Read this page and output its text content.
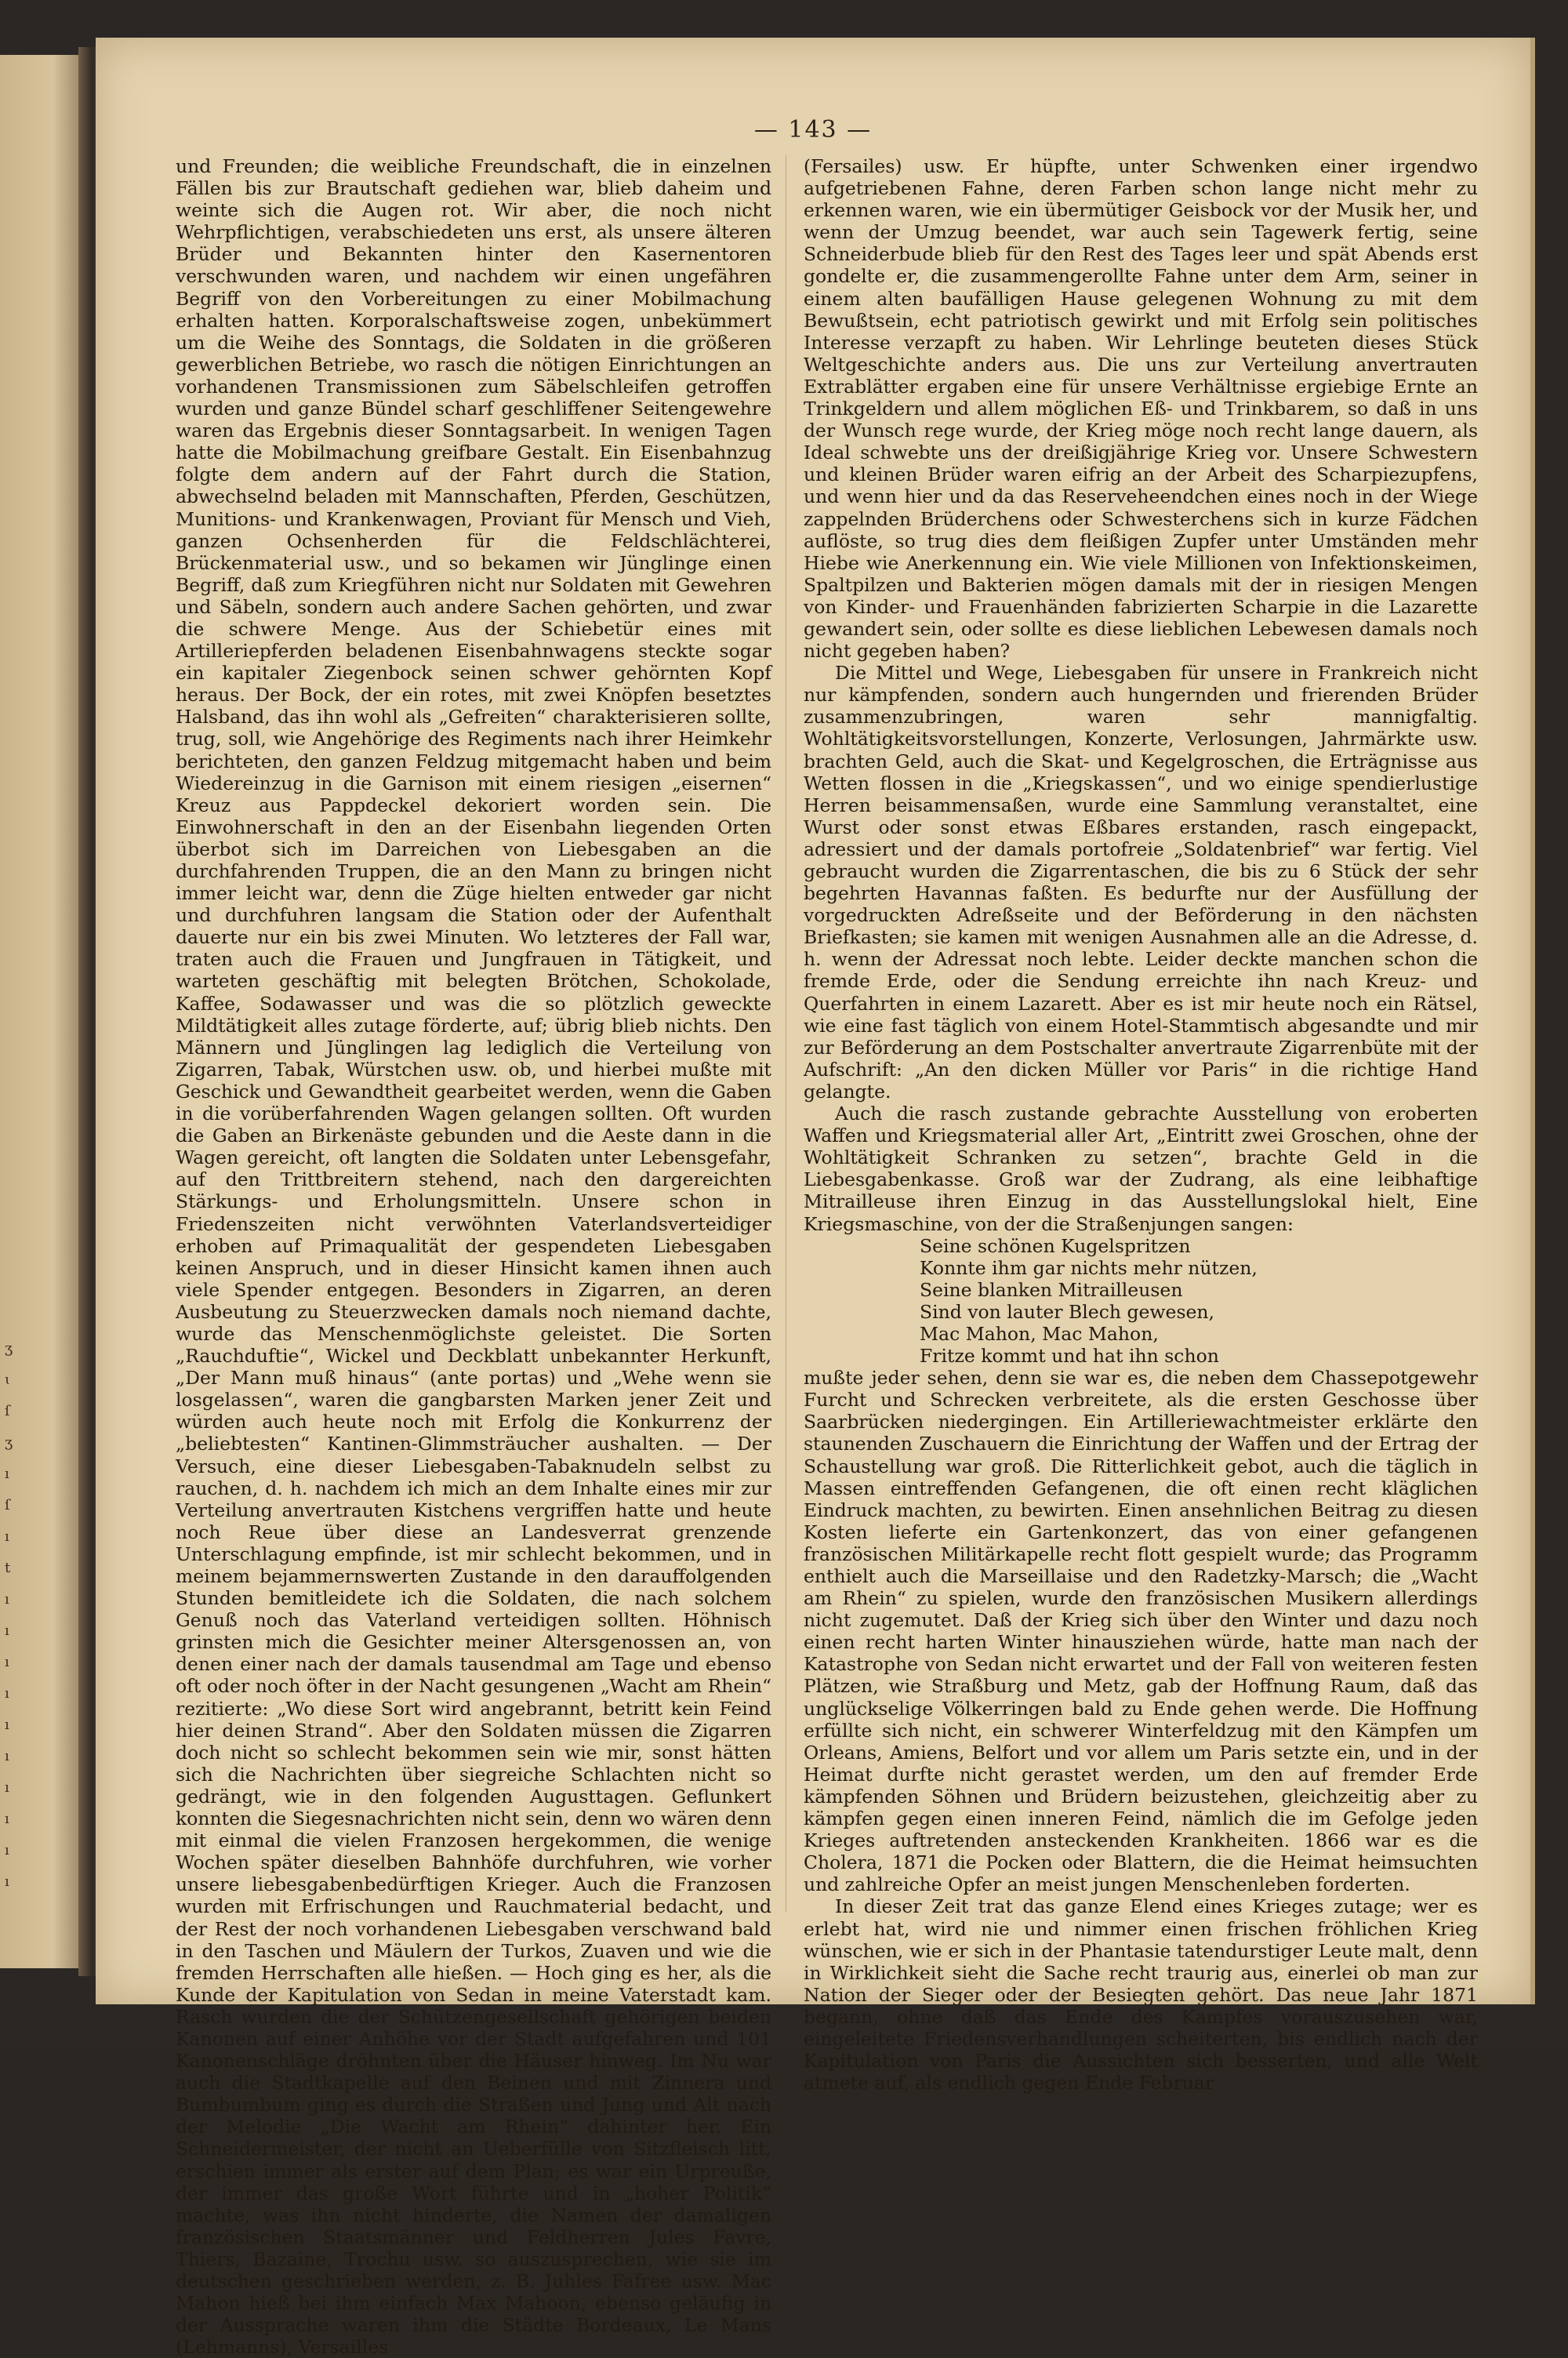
ʒ
ɩ
ſ
ʒ
ı
ſ
ı
t
ı
ı
ı
ı
ı
ı
ı
ı
ı
ı
— 143 —

und Freunden; die weibliche Freundschaft, die in einzelnen Fällen bis zur Brautschaft gediehen war, blieb daheim und weinte sich die Augen rot. Wir aber, die noch nicht Wehrpflichtigen, verabschiedeten uns erst, als unsere älteren Brüder und Bekannten hinter den Kasernentoren verschwunden waren, und nachdem wir einen ungefähren Begriff von den Vorbereitungen zu einer Mobilmachung erhalten hatten. Korporalschaftsweise zogen, unbekümmert um die Weihe des Sonntags, die Soldaten in die größeren gewerblichen Betriebe, wo rasch die nötigen Einrichtungen an vorhandenen Transmissionen zum Säbelschleifen getroffen wurden und ganze Bündel scharf geschliffener Seitengewehre waren das Ergebnis dieser Sonntagsarbeit. In wenigen Tagen hatte die Mobilmachung greifbare Gestalt. Ein Eisenbahnzug folgte dem andern auf der Fahrt durch die Station, abwechselnd beladen mit Mannschaften, Pferden, Geschützen, Munitions- und Krankenwagen, Proviant für Mensch und Vieh, ganzen Ochsenherden für die Feldschlächterei, Brückenmaterial usw., und so bekamen wir Jünglinge einen Begriff, daß zum Kriegführen nicht nur Soldaten mit Gewehren und Säbeln, sondern auch andere Sachen gehörten, und zwar die schwere Menge. Aus der Schiebetür eines mit Artilleriepferden beladenen Eisenbahnwagens steckte sogar ein kapitaler Ziegenbock seinen schwer gehörnten Kopf heraus. Der Bock, der ein rotes, mit zwei Knöpfen besetztes Halsband, das ihn wohl als „Gefreiten“ charakterisieren sollte, trug, soll, wie Angehörige des Regiments nach ihrer Heimkehr berichteten, den ganzen Feldzug mitgemacht haben und beim Wiedereinzug in die Garnison mit einem riesigen „eisernen“ Kreuz aus Pappdeckel dekoriert worden sein. Die Einwohnerschaft in den an der Eisenbahn liegenden Orten überbot sich im Darreichen von Liebesgaben an die durchfahrenden Truppen, die an den Mann zu bringen nicht immer leicht war, denn die Züge hielten entweder gar nicht und durchfuhren langsam die Station oder der Aufenthalt dauerte nur ein bis zwei Minuten. Wo letzteres der Fall war, traten auch die Frauen und Jungfrauen in Tätigkeit, und warteten geschäftig mit belegten Brötchen, Schokolade, Kaffee, Sodawasser und was die so plötzlich geweckte Mildtätigkeit alles zutage förderte, auf; übrig blieb nichts. Den Männern und Jünglingen lag lediglich die Verteilung von Zigarren, Tabak, Würstchen usw. ob, und hierbei mußte mit Geschick und Gewandtheit gearbeitet werden, wenn die Gaben in die vorüberfahrenden Wagen gelangen sollten. Oft wurden die Gaben an Birkenäste gebunden und die Aeste dann in die Wagen gereicht, oft langten die Soldaten unter Lebensgefahr, auf den Trittbreitern stehend, nach den dargereichten Stärkungs- und Erholungsmitteln. Unsere schon in Friedenszeiten nicht verwöhnten Vaterlandsverteidiger erhoben auf Primaqualität der gespendeten Liebesgaben keinen Anspruch, und in dieser Hinsicht kamen ihnen auch viele Spender entgegen. Besonders in Zigarren, an deren Ausbeutung zu Steuerzwecken damals noch niemand dachte, wurde das Menschenmöglichste geleistet. Die Sorten „Rauchduftie“, Wickel und Deckblatt unbekannter Herkunft, „Der Mann muß hinaus“ (ante portas) und „Wehe wenn sie losgelassen“, waren die gangbarsten Marken jener Zeit und würden auch heute noch mit Erfolg die Konkurrenz der „beliebtesten“ Kantinen-Glimmsträucher aushalten. — Der Versuch, eine dieser Liebesgaben-Tabaknudeln selbst zu rauchen, d. h. nachdem ich mich an dem Inhalte eines mir zur Verteilung anvertrauten Kistchens vergriffen hatte und heute noch Reue über diese an Landesverrat grenzende Unterschlagung empfinde, ist mir schlecht bekommen, und in meinem bejammernswerten Zustande in den darauffolgenden Stunden bemitleidete ich die Soldaten, die nach solchem Genuß noch das Vaterland verteidigen sollten. Höhnisch grinsten mich die Gesichter meiner Altersgenossen an, von denen einer nach der damals tausendmal am Tage und ebenso oft oder noch öfter in der Nacht gesungenen „Wacht am Rhein“ rezitierte: „Wo diese Sort wird angebrannt, betritt kein Feind hier deinen Strand“. Aber den Soldaten müssen die Zigarren doch nicht so schlecht bekommen sein wie mir, sonst hätten sich die Nachrichten über siegreiche Schlachten nicht so gedrängt, wie in den folgenden Augusttagen. Geflunkert konnten die Siegesnachrichten nicht sein, denn wo wären denn mit einmal die vielen Franzosen hergekommen, die wenige Wochen später dieselben Bahnhöfe durchfuhren, wie vorher unsere liebesgabenbedürftigen Krieger. Auch die Franzosen wurden mit Erfrischungen und Rauchmaterial bedacht, und der Rest der noch vorhandenen Liebesgaben verschwand bald in den Taschen und Mäulern der Turkos, Zuaven und wie die fremden Herrschaften alle hießen. — Hoch ging es her, als die Kunde der Kapitulation von Sedan in meine Vaterstadt kam. Rasch wurden die der Schützengesellschaft gehörigen beiden Kanonen auf einer Anhöhe vor der Stadt aufgefahren und 101 Kanonenschläge dröhnten über die Häuser hinweg. Im Nu war auch die Stadtkapelle auf den Beinen und mit Zinnera und Bumbumbum ging es durch die Straßen und Jung und Alt nach der Melodie „Die Wacht am Rhein“ dahinter her. Ein Schneidermeister, der nicht an Ueberfülle von Sitzfleisch litt, erschien immer als erster auf dem Plan; es war ein Urpreuße, der immer das große Wort führte und in „hoher Politik“ machte, was ihn nicht hinderte, die Namen der damaligen französischen Staatsmänner und Feldherren Jules Favre, Thiers, Bazaine, Trochu usw. so auszusprechen, wie sie im deutschen geschrieben werden, z. B. Juhles Fafree usw. Mac Mahon hieß bei ihm einfach Max Mahoon, ebenso geläufig in der Aussprache waren ihm die Städte Bordeaux, Le Mans (Lehmanns), Versailles

(Fersailes) usw. Er hüpfte, unter Schwenken einer irgendwo aufgetriebenen Fahne, deren Farben schon lange nicht mehr zu erkennen waren, wie ein übermütiger Geisbock vor der Musik her, und wenn der Umzug beendet, war auch sein Tagewerk fertig, seine Schneiderbude blieb für den Rest des Tages leer und spät Abends erst gondelte er, die zusammengerollte Fahne unter dem Arm, seiner in einem alten baufälligen Hause gelegenen Wohnung zu mit dem Bewußtsein, echt patriotisch gewirkt und mit Erfolg sein politisches Interesse verzapft zu haben. Wir Lehrlinge beuteten dieses Stück Weltgeschichte anders aus. Die uns zur Verteilung anvertrauten Extrablätter ergaben eine für unsere Verhältnisse ergiebige Ernte an Trinkgeldern und allem möglichen Eß- und Trinkbarem, so daß in uns der Wunsch rege wurde, der Krieg möge noch recht lange dauern, als Ideal schwebte uns der dreißigjährige Krieg vor. Unsere Schwestern und kleinen Brüder waren eifrig an der Arbeit des Scharpiezupfens, und wenn hier und da das Reserveheendchen eines noch in der Wiege zappelnden Brüderchens oder Schwesterchens sich in kurze Fädchen auflöste, so trug dies dem fleißigen Zupfer unter Umständen mehr Hiebe wie Anerkennung ein. Wie viele Millionen von Infektionskeimen, Spaltpilzen und Bakterien mögen damals mit der in riesigen Mengen von Kinder- und Frauenhänden fabrizierten Scharpie in die Lazarette gewandert sein, oder sollte es diese lieblichen Lebewesen damals noch nicht gegeben haben?

Die Mittel und Wege, Liebesgaben für unsere in Frankreich nicht nur kämpfenden, sondern auch hungernden und frierenden Brüder zusammenzubringen, waren sehr mannigfaltig. Wohltätigkeitsvorstellungen, Konzerte, Verlosungen, Jahrmärkte usw. brachten Geld, auch die Skat- und Kegelgroschen, die Erträgnisse aus Wetten flossen in die „Kriegskassen“, und wo einige spendierlustige Herren beisammensaßen, wurde eine Sammlung veranstaltet, eine Wurst oder sonst etwas Eßbares erstanden, rasch eingepackt, adressiert und der damals portofreie „Soldatenbrief“ war fertig. Viel gebraucht wurden die Zigarrentaschen, die bis zu 6 Stück der sehr begehrten Havannas faßten. Es bedurfte nur der Ausfüllung der vorgedruckten Adreßseite und der Beförderung in den nächsten Briefkasten; sie kamen mit wenigen Ausnahmen alle an die Adresse, d. h. wenn der Adressat noch lebte. Leider deckte manchen schon die fremde Erde, oder die Sendung erreichte ihn nach Kreuz- und Querfahrten in einem Lazarett. Aber es ist mir heute noch ein Rätsel, wie eine fast täglich von einem Hotel-Stammtisch abgesandte und mir zur Beförderung an dem Postschalter anvertraute Zigarrenbüte mit der Aufschrift: „An den dicken Müller vor Paris“ in die richtige Hand gelangte.

Auch die rasch zustande gebrachte Ausstellung von eroberten Waffen und Kriegsmaterial aller Art, „Eintritt zwei Groschen, ohne der Wohltätigkeit Schranken zu setzen“, brachte Geld in die Liebesgabenkasse. Groß war der Zudrang, als eine leibhaftige Mitrailleuse ihren Einzug in das Ausstellungslokal hielt, Eine Kriegsmaschine, von der die Straßenjungen sangen:

Seine schönen Kugelspritzen
Konnte ihm gar nichts mehr nützen,
Seine blanken Mitrailleusen
Sind von lauter Blech gewesen,
Mac Mahon, Mac Mahon,
Fritze kommt und hat ihn schon

mußte jeder sehen, denn sie war es, die neben dem Chassepotgewehr Furcht und Schrecken verbreitete, als die ersten Geschosse über Saarbrücken niedergingen. Ein Artilleriewachtmeister erklärte den staunenden Zuschauern die Einrichtung der Waffen und der Ertrag der Schaustellung war groß. Die Ritterlichkeit gebot, auch die täglich in Massen eintreffenden Gefangenen, die oft einen recht kläglichen Eindruck machten, zu bewirten. Einen ansehnlichen Beitrag zu diesen Kosten lieferte ein Gartenkonzert, das von einer gefangenen französischen Militärkapelle recht flott gespielt wurde; das Programm enthielt auch die Marseillaise und den Radetzky-Marsch; die „Wacht am Rhein“ zu spielen, wurde den französischen Musikern allerdings nicht zugemutet. Daß der Krieg sich über den Winter und dazu noch einen recht harten Winter hinausziehen würde, hatte man nach der Katastrophe von Sedan nicht erwartet und der Fall von weiteren festen Plätzen, wie Straßburg und Metz, gab der Hoffnung Raum, daß das unglückselige Völkerringen bald zu Ende gehen werde. Die Hoffnung erfüllte sich nicht, ein schwerer Winterfeldzug mit den Kämpfen um Orleans, Amiens, Belfort und vor allem um Paris setzte ein, und in der Heimat durfte nicht gerastet werden, um den auf fremder Erde kämpfenden Söhnen und Brüdern beizustehen, gleichzeitig aber zu kämpfen gegen einen inneren Feind, nämlich die im Gefolge jeden Krieges auftretenden ansteckenden Krankheiten. 1866 war es die Cholera, 1871 die Pocken oder Blattern, die die Heimat heimsuchten und zahlreiche Opfer an meist jungen Menschenleben forderten.

In dieser Zeit trat das ganze Elend eines Krieges zutage; wer es erlebt hat, wird nie und nimmer einen frischen fröhlichen Krieg wünschen, wie er sich in der Phantasie tatendurstiger Leute malt, denn in Wirklichkeit sieht die Sache recht traurig aus, einerlei ob man zur Nation der Sieger oder der Besiegten gehört. Das neue Jahr 1871 begann, ohne daß das Ende des Kampfes vorauszusehen war, eingeleitete Friedensverhandlungen scheiterten, bis endlich nach der Kapitulation von Paris die Aussichten sich besserten, und alle Welt atmete auf, als endlich gegen Ende Februar
